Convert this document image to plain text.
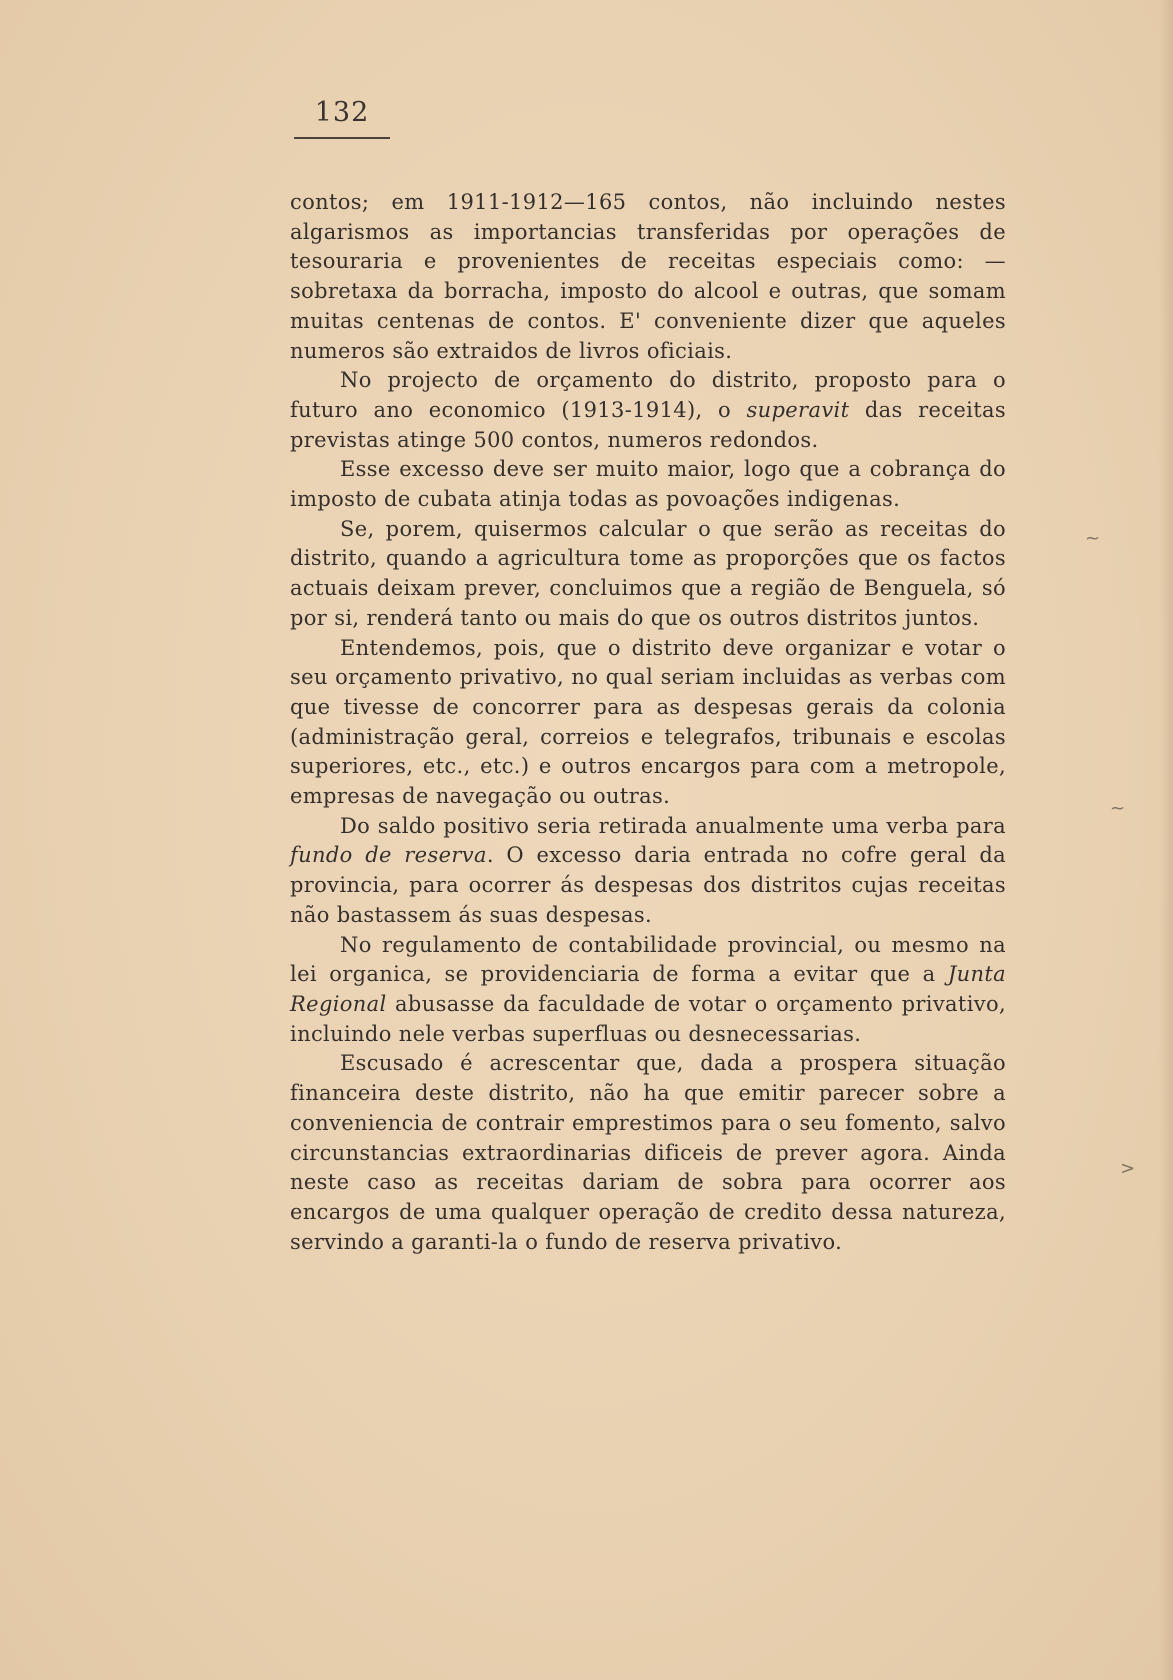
132

contos; em 1911-1912—165 contos, não incluindo nestes algarismos as importancias transferidas por operações de tesouraria e provenientes de receitas especiais como: —sobretaxa da borracha, imposto do alcool e outras, que somam muitas centenas de contos. E' conveniente dizer que aqueles numeros são extraidos de livros oficiais.

No projecto de orçamento do distrito, proposto para o futuro ano economico (1913-1914), o superavit das receitas previstas atinge 500 contos, numeros redondos.

Esse excesso deve ser muito maior, logo que a cobrança do imposto de cubata atinja todas as povoações indigenas.

Se, porem, quisermos calcular o que serão as receitas do distrito, quando a agricultura tome as proporções que os factos actuais deixam prever, concluimos que a região de Benguela, só por si, renderá tanto ou mais do que os outros distritos juntos.

Entendemos, pois, que o distrito deve organizar e votar o seu orçamento privativo, no qual seriam incluidas as verbas com que tivesse de concorrer para as despesas gerais da colonia (administração geral, correios e telegrafos, tribunais e escolas superiores, etc., etc.) e outros encargos para com a metropole, empresas de navegação ou outras.

Do saldo positivo seria retirada anualmente uma verba para fundo de reserva. O excesso daria entrada no cofre geral da provincia, para ocorrer ás despesas dos distritos cujas receitas não bastassem ás suas despesas.

No regulamento de contabilidade provincial, ou mesmo na lei organica, se providenciaria de forma a evitar que a Junta Regional abusasse da faculdade de votar o orçamento privativo, incluindo nele verbas superfluas ou desnecessarias.

Escusado é acrescentar que, dada a prospera situação financeira deste distrito, não ha que emitir parecer sobre a conveniencia de contrair emprestimos para o seu fomento, salvo circunstancias extraordinarias dificeis de prever agora. Ainda neste caso as receitas dariam de sobra para ocorrer aos encargos de uma qualquer operação de credito dessa natureza, servindo a garanti-la o fundo de reserva privativo.

~
~
>
